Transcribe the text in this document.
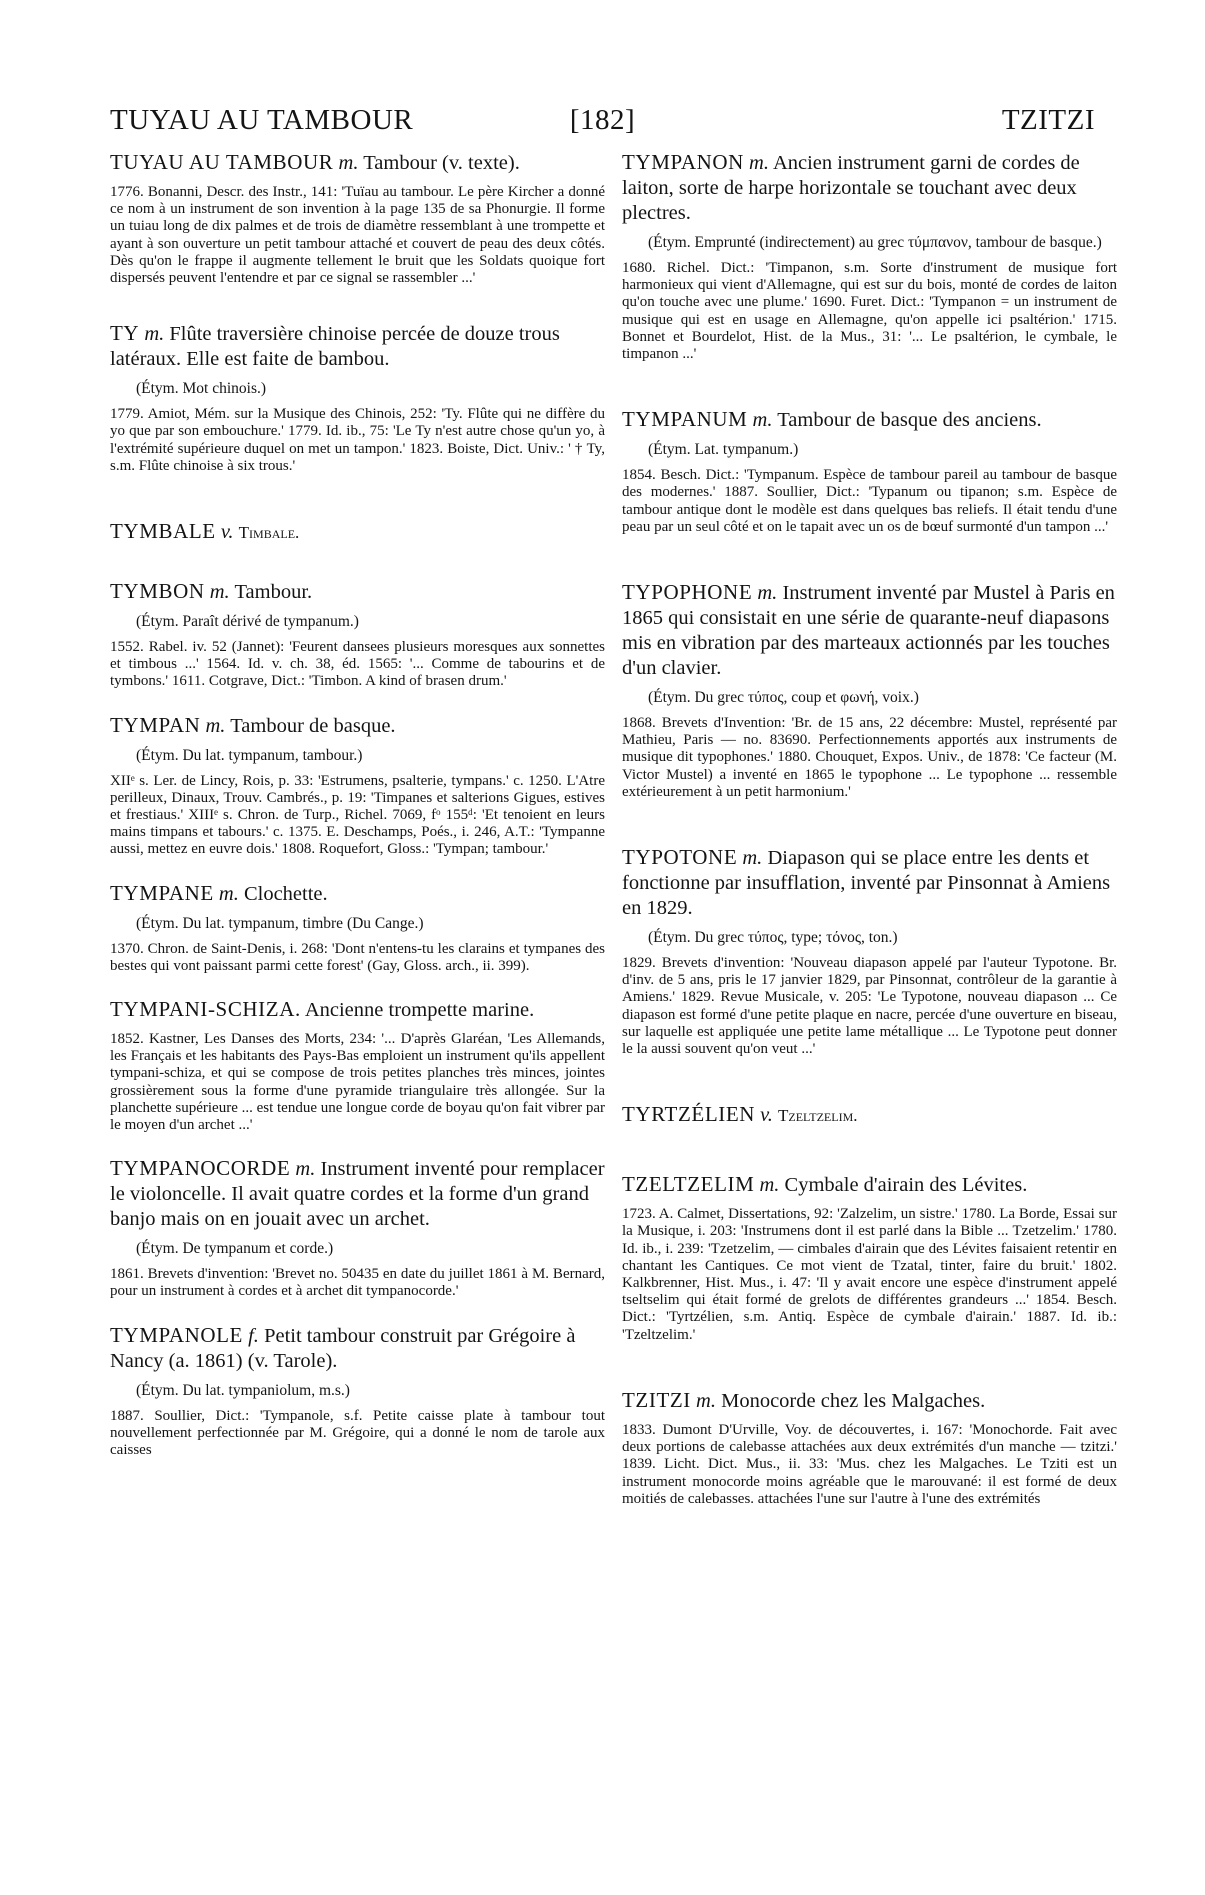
TUYAU AU TAMBOUR	[182]	TZITZI

TUYAU AU TAMBOUR m. Tambour (v. texte).

1776. Bonanni, Descr. des Instr., 141: 'Tuïau au tambour. Le père Kircher a donné ce nom à un instrument de son invention à la page 135 de sa Phonurgie. Il forme un tuiau long de dix palmes et de trois de diamètre ressemblant à une trompette et ayant à son ouverture un petit tambour attaché et couvert de peau des deux côtés. Dès qu'on le frappe il augmente tellement le bruit que les Soldats quoique fort dispersés peuvent l'entendre et par ce signal se rassembler ...'

TY m. Flûte traversière chinoise percée de douze trous latéraux. Elle est faite de bambou.

(Étym. Mot chinois.)

1779. Amiot, Mém. sur la Musique des Chinois, 252: 'Ty. Flûte qui ne diffère du yo que par son embouchure.' 1779. Id. ib., 75: 'Le Ty n'est autre chose qu'un yo, à l'extrémité supérieure duquel on met un tampon.' 1823. Boiste, Dict. Univ.: ' † Ty, s.m. Flûte chinoise à six trous.'

TYMBALE v. Timbale.

TYMBON m. Tambour.

(Étym. Paraît dérivé de tympanum.)

1552. Rabel. iv. 52 (Jannet): 'Feurent dansees plusieurs moresques aux sonnettes et timbous ...' 1564. Id. v. ch. 38, éd. 1565: '... Comme de tabourins et de tymbons.' 1611. Cotgrave, Dict.: 'Timbon. A kind of brasen drum.'

TYMPAN m. Tambour de basque.

(Étym. Du lat. tympanum, tambour.)

XIIᵉ s. Ler. de Lincy, Rois, p. 33: 'Estrumens, psalterie, tympans.' c. 1250. L'Atre perilleux, Dinaux, Trouv. Cambrés., p. 19: 'Timpanes et salterions Gigues, estives et frestiaus.' XIIIᵉ s. Chron. de Turp., Richel. 7069, fᵒ 155ᵈ: 'Et tenoient en leurs mains timpans et tabours.' c. 1375. E. Deschamps, Poés., i. 246, A.T.: 'Tympanne aussi, mettez en euvre dois.' 1808. Roquefort, Gloss.: 'Tympan; tambour.'

TYMPANE m. Clochette.

(Étym. Du lat. tympanum, timbre (Du Cange.)

1370. Chron. de Saint-Denis, i. 268: 'Dont n'entens-tu les clarains et tympanes des bestes qui vont paissant parmi cette forest' (Gay, Gloss. arch., ii. 399).

TYMPANI-SCHIZA. Ancienne trompette marine.

1852. Kastner, Les Danses des Morts, 234: '... D'après Glaréan, 'Les Allemands, les Français et les habitants des Pays-Bas emploient un instrument qu'ils appellent tympani-schiza, et qui se compose de trois petites planches très minces, jointes grossièrement sous la forme d'une pyramide triangulaire très allongée. Sur la planchette supérieure ... est tendue une longue corde de boyau qu'on fait vibrer par le moyen d'un archet ...'

TYMPANOCORDE m. Instrument inventé pour remplacer le violoncelle. Il avait quatre cordes et la forme d'un grand banjo mais on en jouait avec un archet.

(Étym. De tympanum et corde.)

1861. Brevets d'invention: 'Brevet no. 50435 en date du juillet 1861 à M. Bernard, pour un instrument à cordes et à archet dit tympanocorde.'

TYMPANOLE f. Petit tambour construit par Grégoire à Nancy (a. 1861) (v. Tarole).

(Étym. Du lat. tympaniolum, m.s.)

1887. Soullier, Dict.: 'Tympanole, s.f. Petite caisse plate à tambour tout nouvellement perfectionnée par M. Grégoire, qui a donné le nom de tarole aux caisses

TYMPANON m. Ancien instrument garni de cordes de laiton, sorte de harpe horizontale se touchant avec deux plectres.

(Étym. Emprunté (indirectement) au grec τύμπανον, tambour de basque.)

1680. Richel. Dict.: 'Timpanon, s.m. Sorte d'instrument de musique fort harmonieux qui vient d'Allemagne, qui est sur du bois, monté de cordes de laiton qu'on touche avec une plume.' 1690. Furet. Dict.: 'Tympanon = un instrument de musique qui est en usage en Allemagne, qu'on appelle ici psaltérion.' 1715. Bonnet et Bourdelot, Hist. de la Mus., 31: '... Le psaltérion, le cymbale, le timpanon ...'

TYMPANUM m. Tambour de basque des anciens.

(Étym. Lat. tympanum.)

1854. Besch. Dict.: 'Tympanum. Espèce de tambour pareil au tambour de basque des modernes.' 1887. Soullier, Dict.: 'Typanum ou tipanon; s.m. Espèce de tambour antique dont le modèle est dans quelques bas reliefs. Il était tendu d'une peau par un seul côté et on le tapait avec un os de bœuf surmonté d'un tampon ...'

TYPOPHONE m. Instrument inventé par Mustel à Paris en 1865 qui consistait en une série de quarante-neuf diapasons mis en vibration par des marteaux actionnés par les touches d'un clavier.

(Étym. Du grec τύπος, coup et φωνή, voix.)

1868. Brevets d'Invention: 'Br. de 15 ans, 22 décembre: Mustel, représenté par Mathieu, Paris — no. 83690. Perfectionnements apportés aux instruments de musique dit typophones.' 1880. Chouquet, Expos. Univ., de 1878: 'Ce facteur (M. Victor Mustel) a inventé en 1865 le typophone ... Le typophone ... ressemble extérieurement à un petit harmonium.'

TYPOTONE m. Diapason qui se place entre les dents et fonctionne par insufflation, inventé par Pinsonnat à Amiens en 1829.

(Étym. Du grec τύπος, type; τόνος, ton.)

1829. Brevets d'invention: 'Nouveau diapason appelé par l'auteur Typotone. Br. d'inv. de 5 ans, pris le 17 janvier 1829, par Pinsonnat, contrôleur de la garantie à Amiens.' 1829. Revue Musicale, v. 205: 'Le Typotone, nouveau diapason ... Ce diapason est formé d'une petite plaque en nacre, percée d'une ouverture en biseau, sur laquelle est appliquée une petite lame métallique ... Le Typotone peut donner le la aussi souvent qu'on veut ...'

TYRTZÉLIEN v. Tzeltzelim.

TZELTZELIM m. Cymbale d'airain des Lévites.

1723. A. Calmet, Dissertations, 92: 'Zalzelim, un sistre.' 1780. La Borde, Essai sur la Musique, i. 203: 'Instrumens dont il est parlé dans la Bible ... Tzetzelim.' 1780. Id. ib., i. 239: 'Tzetzelim, — cimbales d'airain que des Lévites faisaient retentir en chantant les Cantiques. Ce mot vient de Tzatal, tinter, faire du bruit.' 1802. Kalkbrenner, Hist. Mus., i. 47: 'Il y avait encore une espèce d'instrument appelé tseltselim qui était formé de grelots de différentes grandeurs ...' 1854. Besch. Dict.: 'Tyrtzélien, s.m. Antiq. Espèce de cymbale d'airain.' 1887. Id. ib.: 'Tzeltzelim.'

TZITZI m. Monocorde chez les Malgaches.

1833. Dumont D'Urville, Voy. de découvertes, i. 167: 'Monochorde. Fait avec deux portions de calebasse attachées aux deux extrémités d'un manche — tzitzi.' 1839. Licht. Dict. Mus., ii. 33: 'Mus. chez les Malgaches. Le Tziti est un instrument monocorde moins agréable que le marouvané: il est formé de deux moitiés de calebasses. attachées l'une sur l'autre à l'une des extrémités
